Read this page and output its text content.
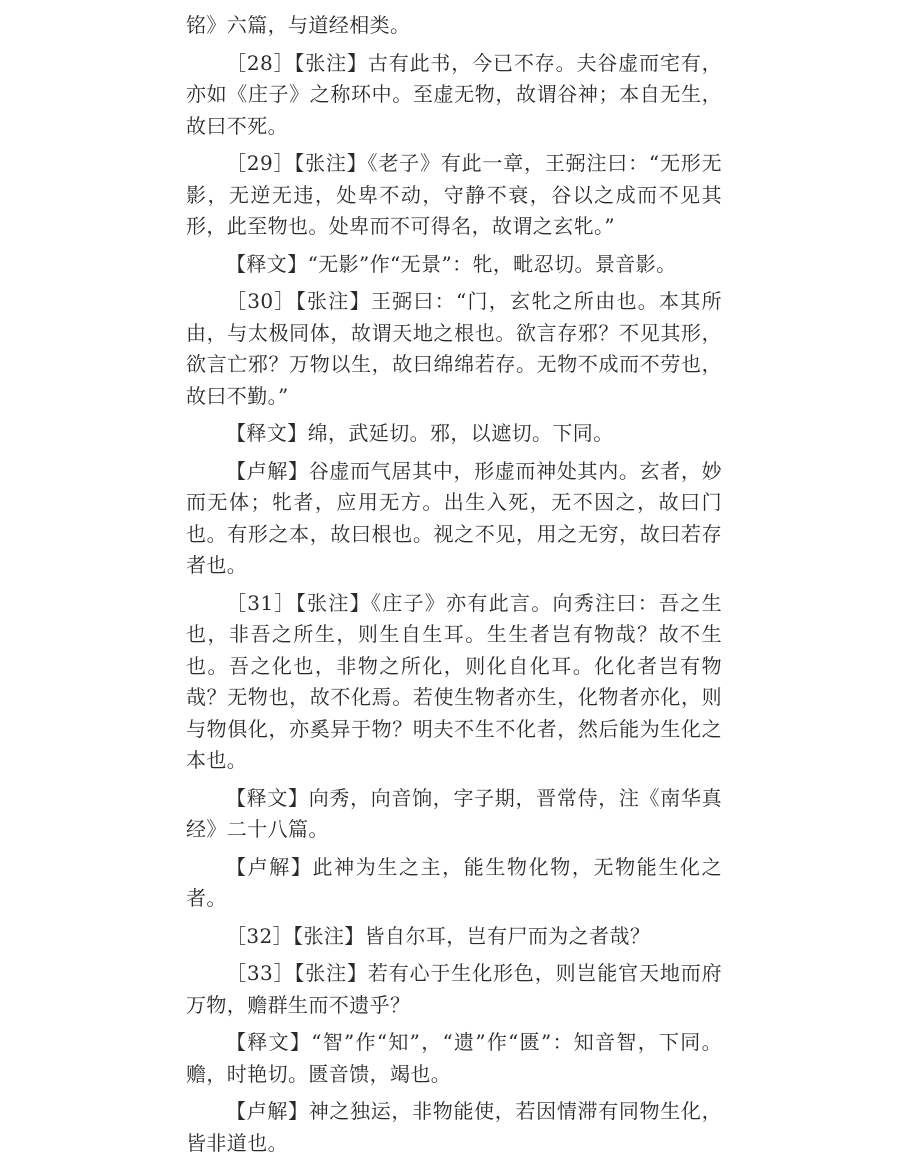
铭》六篇，与道经相类。

［28］【张注】古有此书，今已不存。夫谷虚而宅有，亦如《庄子》之称环中。至虚无物，故谓谷神；本自无生，故曰不死。

［29］【张注】《老子》有此一章，王弼注曰：“无形无影，无逆无违，处卑不动，守静不衰，谷以之成而不见其形，此至物也。处卑而不可得名，故谓之玄牝。”

【释文】“无影”作“无景”：牝，毗忍切。景音影。

［30］【张注】王弼曰：“门，玄牝之所由也。本其所由，与太极同体，故谓天地之根也。欲言存邪？不见其形，欲言亡邪？万物以生，故曰绵绵若存。无物不成而不劳也，故曰不勤。”

【释文】绵，武延切。邪，以遮切。下同。

【卢解】谷虚而气居其中，形虚而神处其内。玄者，妙而无体；牝者，应用无方。出生入死，无不因之，故曰门也。有形之本，故曰根也。视之不见，用之无穷，故曰若存者也。

［31］【张注】《庄子》亦有此言。向秀注曰：吾之生也，非吾之所生，则生自生耳。生生者岂有物哉？故不生也。吾之化也，非物之所化，则化自化耳。化化者岂有物哉？无物也，故不化焉。若使生物者亦生，化物者亦化，则与物俱化，亦奚异于物？明夫不生不化者，然后能为生化之本也。

【释文】向秀，向音饷，字子期，晋常侍，注《南华真经》二十八篇。

【卢解】此神为生之主，能生物化物，无物能生化之者。

［32］【张注】皆自尔耳，岂有尸而为之者哉？

［33］【张注】若有心于生化形色，则岂能官天地而府万物，赡群生而不遗乎？

【释文】“智”作“知”，“遗”作“匮”：知音智，下同。赡，时艳切。匮音馈，竭也。

【卢解】神之独运，非物能使，若因情滞有同物生化，皆非道也。
